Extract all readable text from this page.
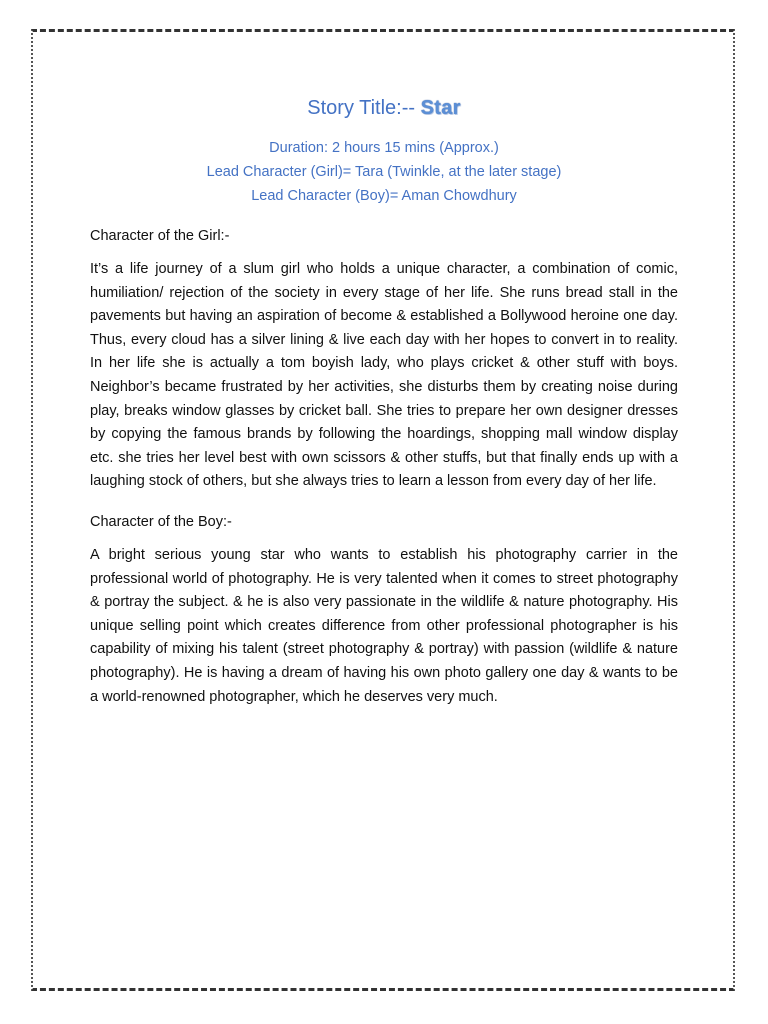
Story Title:-- Star
Duration: 2 hours 15 mins (Approx.)
Lead Character (Girl)= Tara (Twinkle, at the later stage)
Lead Character (Boy)= Aman Chowdhury
Character of the Girl:-
It’s a life journey of a slum girl who holds a unique character, a combination of comic, humiliation/ rejection of the society in every stage of her life. She runs bread stall in the pavements but having an aspiration of become & established a Bollywood heroine one day. Thus, every cloud has a silver lining & live each day with her hopes to convert in to reality. In her life she is actually a tom boyish lady, who plays cricket & other stuff with boys. Neighbor’s became frustrated by her activities, she disturbs them by creating noise during play, breaks window glasses by cricket ball. She tries to prepare her own designer dresses by copying the famous brands by following the hoardings, shopping mall window display etc. she tries her level best with own scissors & other stuffs, but that finally ends up with a laughing stock of others, but she always tries to learn a lesson from every day of her life.
Character of the Boy:-
A bright serious young star who wants to establish his photography carrier in the professional world of photography. He is very talented when it comes to street photography & portray the subject. & he is also very passionate in the wildlife & nature photography. His unique selling point which creates difference from other professional photographer is his capability of mixing his talent (street photography & portray) with passion (wildlife & nature photography). He is having a dream of having his own photo gallery one day & wants to be a world-renowned photographer, which he deserves very much.
